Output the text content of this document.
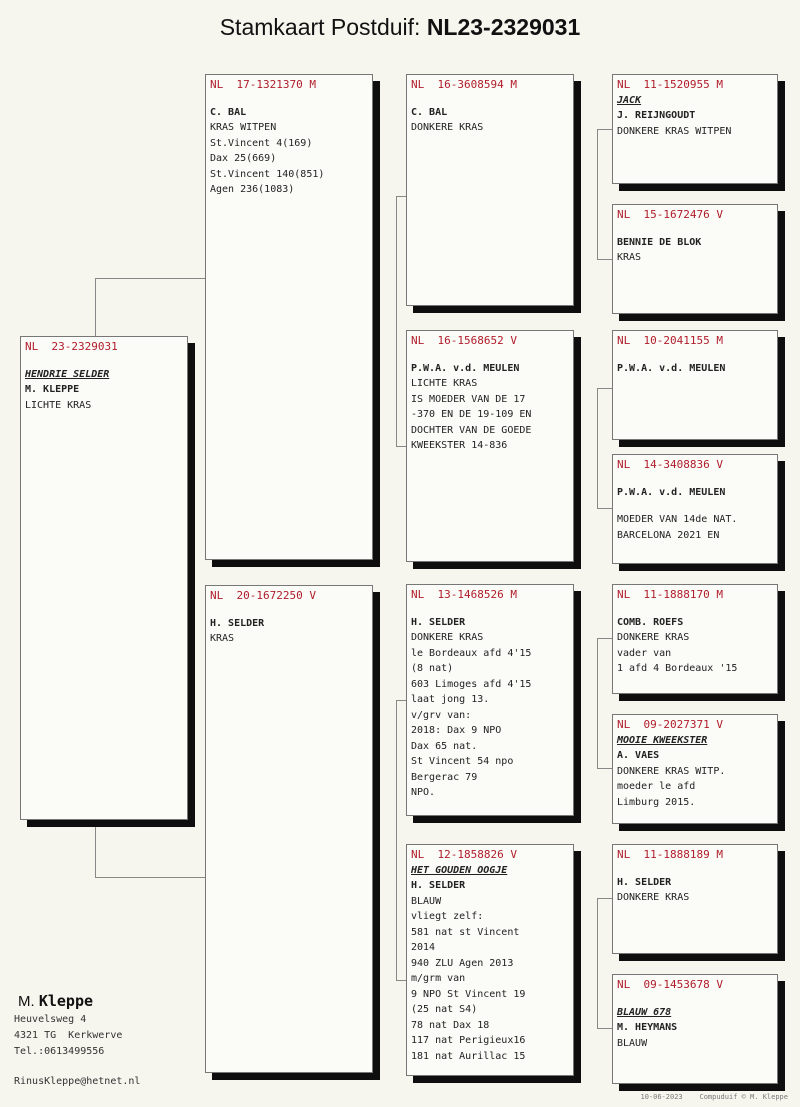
Stamkaart Postduif: NL23-2329031
NL  23-2329031
HENDRIE SELDER
M. KLEPPE
LICHTE KRAS
NL  17-1321370 M
C. BAL
KRAS WITPEN
St.Vincent 4(169)
Dax 25(669)
St.Vincent 140(851)
Agen 236(1083)
NL  20-1672250 V
H. SELDER
KRAS
NL  16-3608594 M
C. BAL
DONKERE KRAS
NL  16-1568652 V
P.W.A. v.d. MEULEN
LICHTE KRAS
IS MOEDER VAN DE 17
-370 EN DE 19-109 EN
DOCHTER VAN DE GOEDE
KWEEKSTER 14-836
NL  13-1468526 M
H. SELDER
DONKERE KRAS
le Bordeaux afd 4'15
(8 nat)
603 Limoges afd 4'15
laat jong 13.
v/grv van:
2018: Dax 9 NPO
Dax 65 nat.
St Vincent 54 npo
Bergerac 79
NPO.
NL  12-1858826 V
HET GOUDEN OOGJE
H. SELDER
BLAUW
vliegt zelf:
581 nat st Vincent
2014
940 ZLU Agen 2013
m/grm van
9 NPO St Vincent 19
(25 nat S4)
78 nat Dax 18
117 nat Perigieux16
181 nat Aurillac 15
NL  11-1520955 M
JACK
J. REIJNGOUDT
DONKERE KRAS WITPEN
NL  15-1672476 V
BENNIE DE BLOK
KRAS
NL  10-2041155 M
P.W.A. v.d. MEULEN
NL  14-3408836 V
P.W.A. v.d. MEULEN
MOEDER VAN 14de NAT.
BARCELONA 2021 EN
NL  11-1888170 M
COMB. ROEFS
DONKERE KRAS
vader van
1 afd 4 Bordeaux '15
NL  09-2027371 V
MOOIE KWEEKSTER
A. VAES
DONKERE KRAS WITP.
moeder le afd
Limburg 2015.
NL  11-1888189 M
H. SELDER
DONKERE KRAS
NL  09-1453678 V
BLAUW 678
M. HEYMANS
BLAUW
M. Kleppe
Heuvelsweg 4
4321 TG  Kerkwerve
Tel.:0613499556
RinusKleppe@hetnet.nl
10-06-2023    Compuduif © M. Kleppe
